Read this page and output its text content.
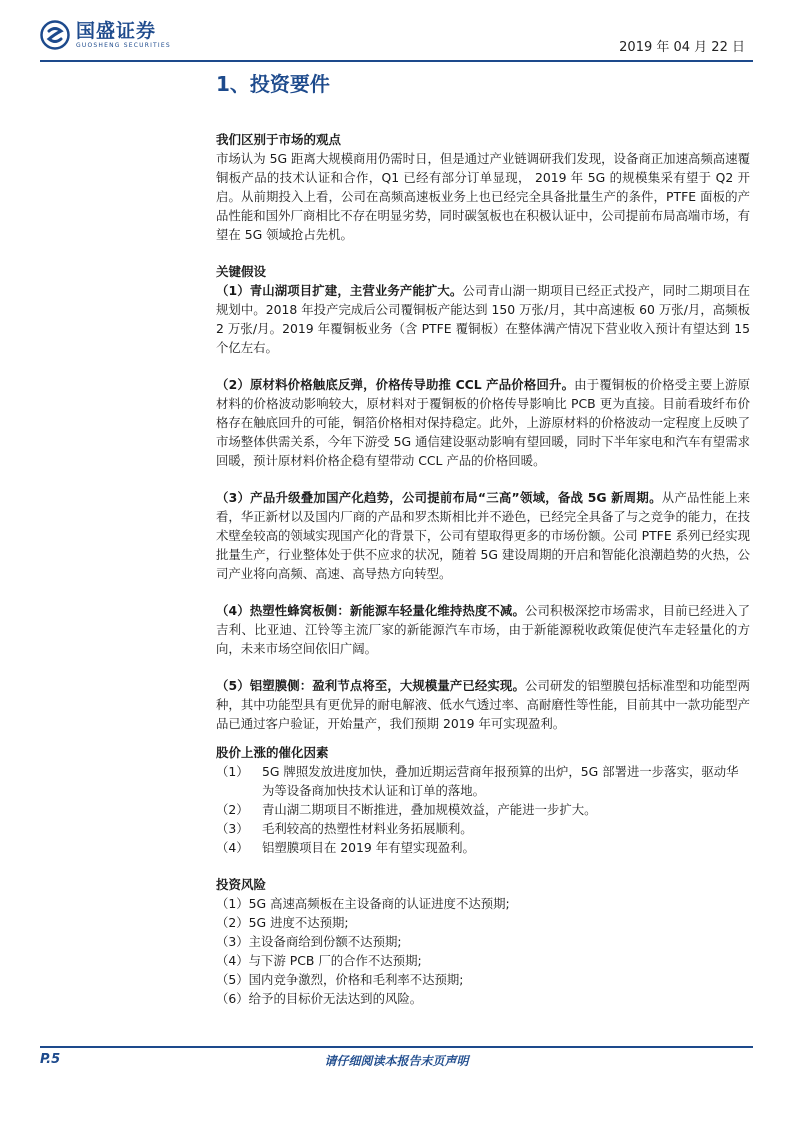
国盛证券
GUOSHENG SECURITIES	2019 年 04 月 22 日
1、投资要件
我们区别于市场的观点

市场认为 5G 距离大规模商用仍需时日，但是通过产业链调研我们发现，设备商正加速高频高速覆铜板产品的技术认证和合作，Q1 已经有部分订单显现， 2019 年 5G 的规模集采有望于 Q2 开启。从前期投入上看，公司在高频高速板业务上也已经完全具备批量生产的条件，PTFE 面板的产品性能和国外厂商相比不存在明显劣势，同时碳氢板也在积极认证中，公司提前布局高端市场，有望在 5G 领域抢占先机。

关键假设

（1）青山湖项目扩建，主营业务产能扩大。公司青山湖一期项目已经正式投产，同时二期项目在规划中。2018 年投产完成后公司覆铜板产能达到 150 万张/月，其中高速板 60 万张/月，高频板 2 万张/月。2019 年覆铜板业务（含 PTFE 覆铜板）在整体满产情况下营业收入预计有望达到 15 个亿左右。

（2）原材料价格触底反弹，价格传导助推 CCL 产品价格回升。由于覆铜板的价格受主要上游原材料的价格波动影响较大，原材料对于覆铜板的价格传导影响比 PCB 更为直接。目前看玻纤布价格存在触底回升的可能，铜箔价格相对保持稳定。此外，上游原材料的价格波动一定程度上反映了市场整体供需关系，今年下游受 5G 通信建设驱动影响有望回暖，同时下半年家电和汽车有望需求回暖，预计原材料价格企稳有望带动 CCL 产品的价格回暖。

（3）产品升级叠加国产化趋势，公司提前布局“三高”领域，备战 5G 新周期。从产品性能上来看，华正新材以及国内厂商的产品和罗杰斯相比并不逊色，已经完全具备了与之竞争的能力，在技术壁垒较高的领域实现国产化的背景下，公司有望取得更多的市场份额。公司 PTFE 系列已经实现批量生产，行业整体处于供不应求的状况，随着 5G 建设周期的开启和智能化浪潮趋势的火热，公司产业将向高频、高速、高导热方向转型。

（4）热塑性蜂窝板侧：新能源车轻量化维持热度不减。公司积极深挖市场需求，目前已经进入了吉利、比亚迪、江铃等主流厂家的新能源汽车市场，由于新能源税收政策促使汽车走轻量化的方向，未来市场空间依旧广阔。

（5）铝塑膜侧：盈利节点将至，大规模量产已经实现。公司研发的铝塑膜包括标准型和功能型两种，其中功能型具有更优异的耐电解液、低水气透过率、高耐磨性等性能，目前其中一款功能型产品已通过客户验证，开始量产，我们预期 2019 年可实现盈利。

股价上涨的催化因素
（1）	5G 牌照发放进度加快，叠加近期运营商年报预算的出炉，5G 部署进一步落实，驱动华为等设备商加快技术认证和订单的落地。
（2）	青山湖二期项目不断推进，叠加规模效益，产能进一步扩大。
（3）	毛利较高的热塑性材料业务拓展顺利。
（4）	铝塑膜项目在 2019 年有望实现盈利。
投资风险
（1）5G 高速高频板在主设备商的认证进度不达预期;
（2）5G 进度不达预期;
（3）主设备商给到份额不达预期;
（4）与下游 PCB 厂的合作不达预期;
（5）国内竞争激烈，价格和毛利率不达预期;
（6）给予的目标价无法达到的风险。
P.5	请仔细阅读本报告末页声明
